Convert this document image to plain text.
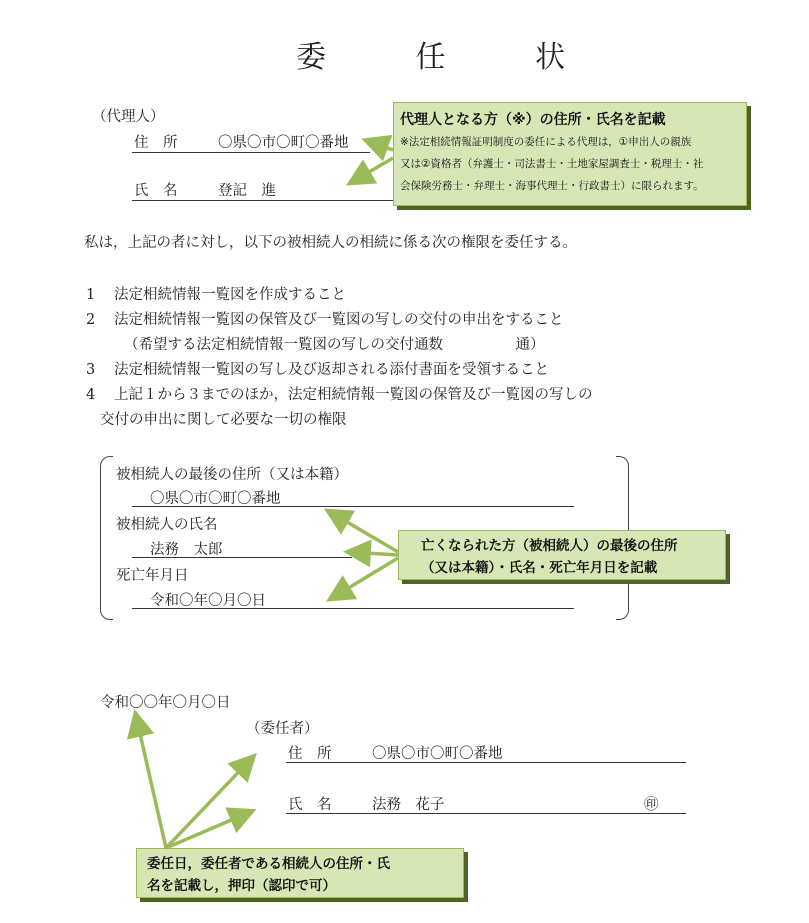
委 任 状
（代理人）
住　所	〇県〇市〇町〇番地
氏　名	登記　進
代理人となる方（※）の住所・氏名を記載
※法定相続情報証明制度の委任による代理は，①申出人の親族
又は②資格者（弁護士・司法書士・土地家屋調査士・税理士・社
会保険労務士・弁理士・海事代理士・行政書士）に限られます。
私は，上記の者に対し，以下の被相続人の相続に係る次の権限を委任する。
1 法定相続情報一覧図を作成すること
2 法定相続情報一覧図の保管及び一覧図の写しの交付の申出をすること
（希望する法定相続情報一覧図の写しの交付通数　　　　　通）
3 法定相続情報一覧図の写し及び返却される添付書面を受領すること
4 上記１から３までのほか，法定相続情報一覧図の保管及び一覧図の写しの
交付の申出に関して必要な一切の権限
被相続人の最後の住所（又は本籍）
〇県〇市〇町〇番地
被相続人の氏名
法務　太郎
死亡年月日
令和〇年〇月〇日
亡くなられた方（被相続人）の最後の住所
（又は本籍）・氏名・死亡年月日を記載
令和〇〇年〇月〇日
（委任者）
住　所	〇県〇市〇町〇番地
氏　名	法務　花子	㊞
委任日，委任者である相続人の住所・氏
名を記載し，押印（認印で可）
